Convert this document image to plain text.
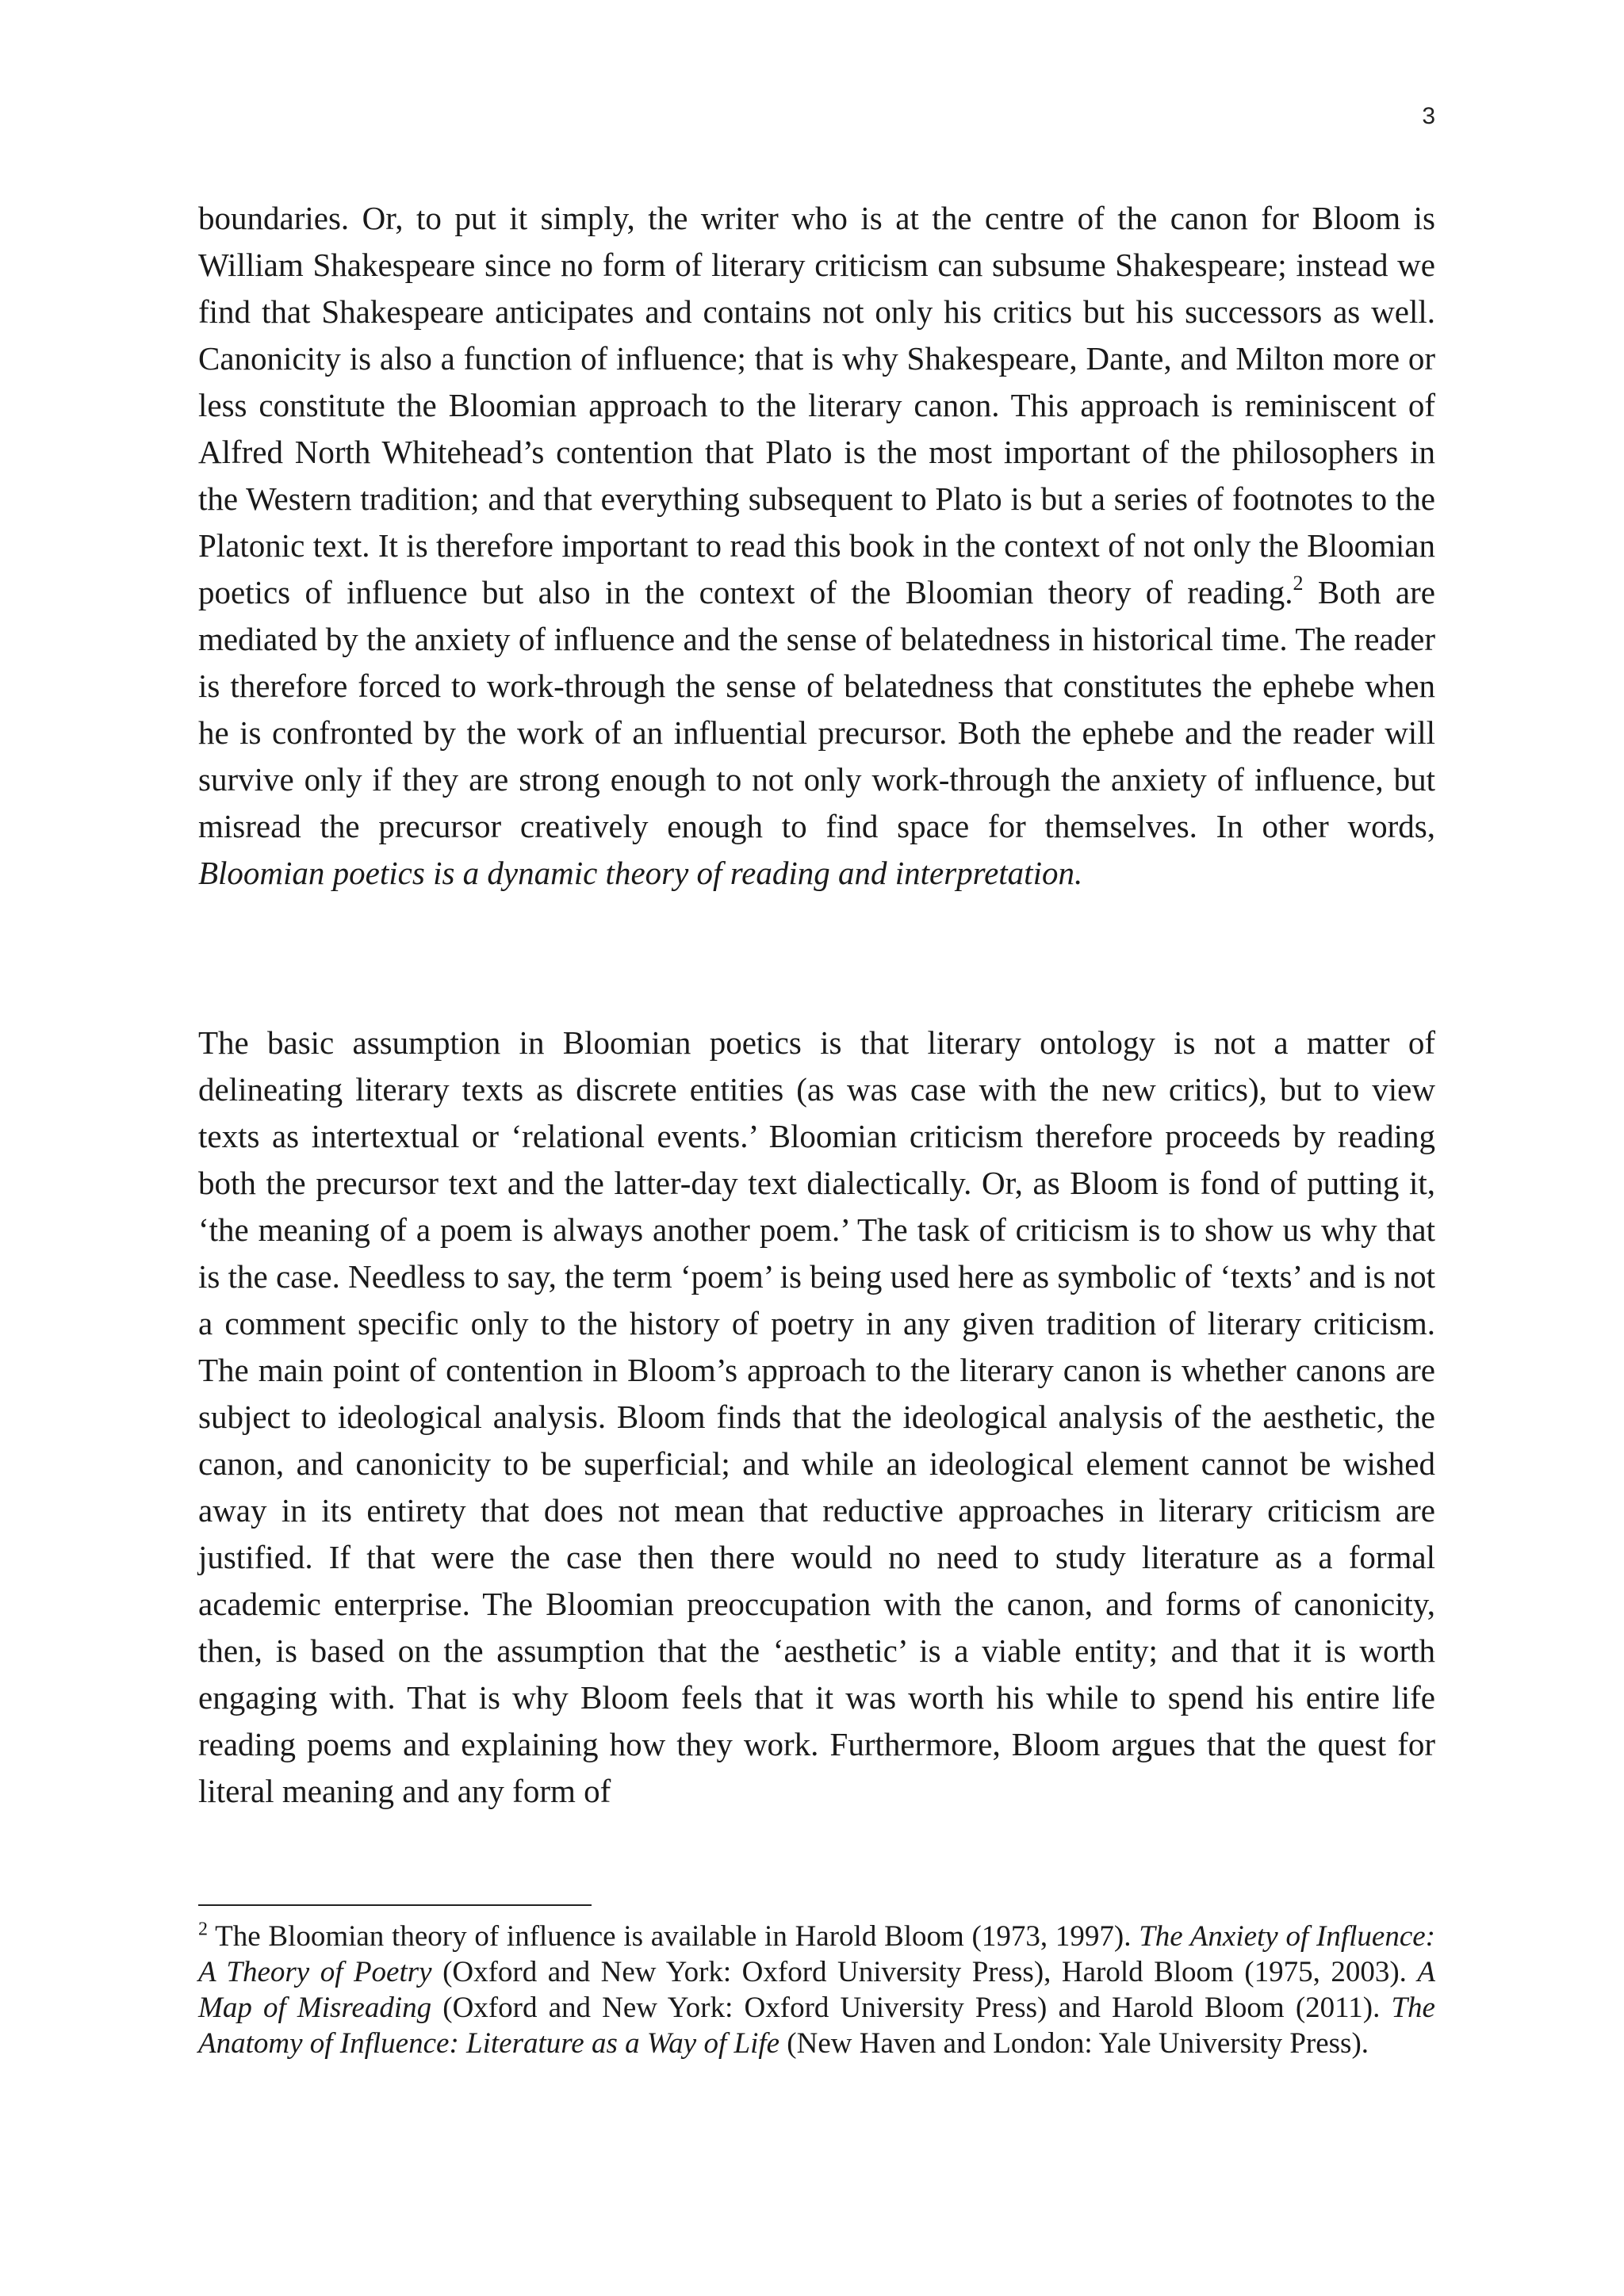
3

boundaries. Or, to put it simply, the writer who is at the centre of the canon for Bloom is William Shakespeare since no form of literary criticism can subsume Shakespeare; instead we find that Shakespeare anticipates and contains not only his critics but his successors as well. Canonicity is also a function of influence; that is why Shakespeare, Dante, and Milton more or less constitute the Bloomian approach to the literary canon. This approach is reminiscent of Alfred North Whitehead’s contention that Plato is the most important of the philosophers in the Western tradition; and that everything subsequent to Plato is but a series of footnotes to the Platonic text. It is therefore important to read this book in the context of not only the Bloomian poetics of influence but also in the context of the Bloomian theory of reading.$^2$ Both are mediated by the anxiety of influence and the sense of belatedness in historical time. The reader is therefore forced to work-through the sense of belatedness that constitutes the ephebe when he is confronted by the work of an influential precursor. Both the ephebe and the reader will survive only if they are strong enough to not only work-through the anxiety of influence, but misread the precursor creatively enough to find space for themselves. In other words, Bloomian poetics is a dynamic theory of reading and interpretation.

The basic assumption in Bloomian poetics is that literary ontology is not a matter of delineating literary texts as discrete entities (as was case with the new critics), but to view texts as intertextual or ‘relational events.’ Bloomian criticism therefore proceeds by reading both the precursor text and the latter-day text dialectically. Or, as Bloom is fond of putting it, ‘the meaning of a poem is always another poem.’ The task of criticism is to show us why that is the case. Needless to say, the term ‘poem’ is being used here as symbolic of ‘texts’ and is not a comment specific only to the history of poetry in any given tradition of literary criticism. The main point of contention in Bloom’s approach to the literary canon is whether canons are subject to ideological analysis. Bloom finds that the ideological analysis of the aesthetic, the canon, and canonicity to be superficial; and while an ideological element cannot be wished away in its entirety that does not mean that reductive approaches in literary criticism are justified. If that were the case then there would no need to study literature as a formal academic enterprise. The Bloomian preoccupation with the canon, and forms of canonicity, then, is based on the assumption that the ‘aesthetic’ is a viable entity; and that it is worth engaging with. That is why Bloom feels that it was worth his while to spend his entire life reading poems and explaining how they work. Furthermore, Bloom argues that the quest for literal meaning and any form of

$^2$ The Bloomian theory of influence is available in Harold Bloom (1973, 1997). The Anxiety of Influence: A Theory of Poetry (Oxford and New York: Oxford University Press), Harold Bloom (1975, 2003). A Map of Misreading (Oxford and New York: Oxford University Press) and Harold Bloom (2011). The Anatomy of Influence: Literature as a Way of Life (New Haven and London: Yale University Press).
